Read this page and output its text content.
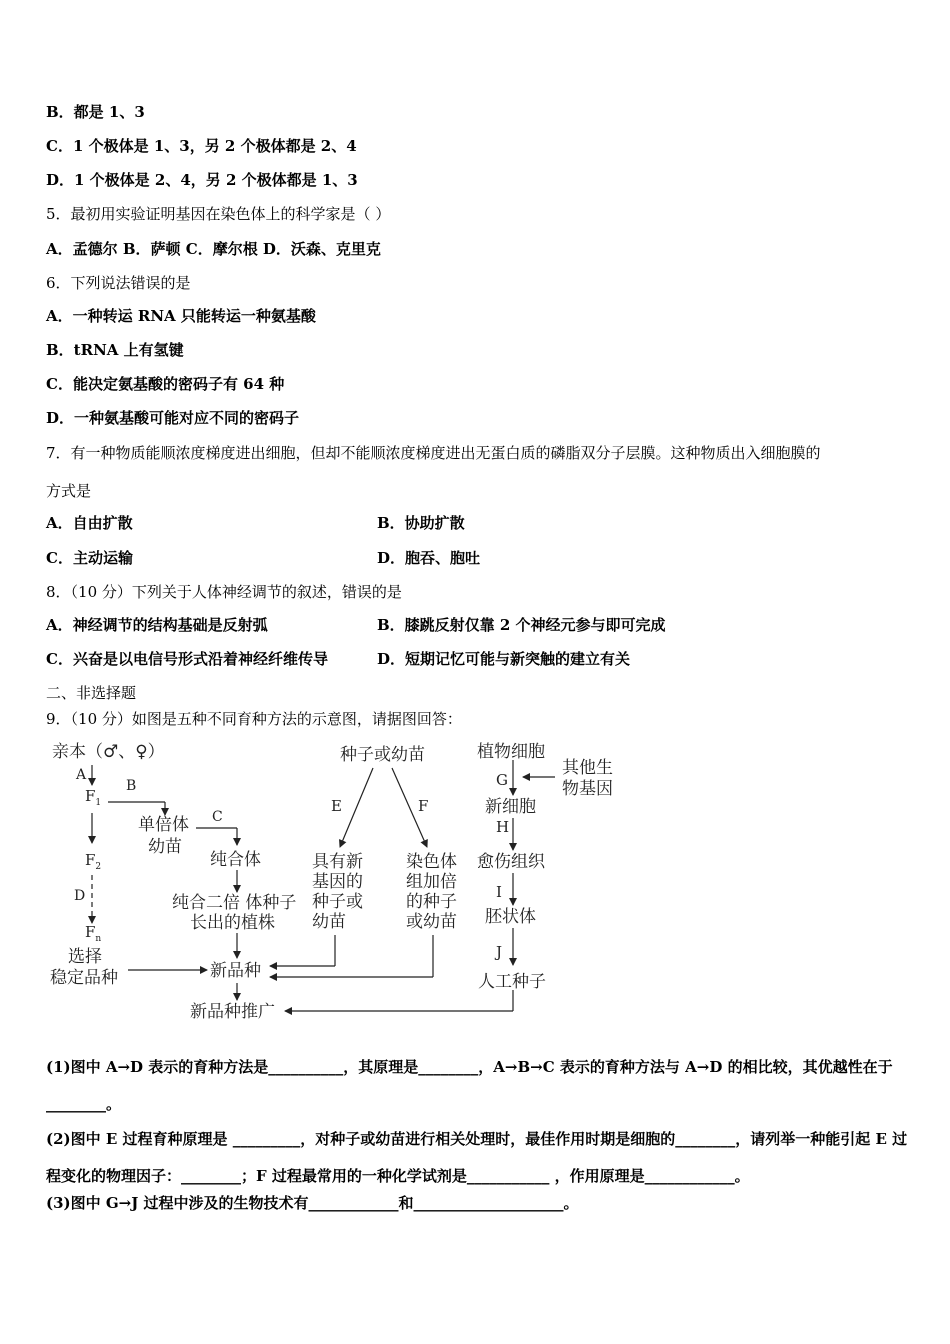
B．都是 1、3
C．1 个极体是 1、3，另 2 个极体都是 2、4
D．1 个极体是 2、4，另 2 个极体都是 1、3
5．最初用实验证明基因在染色体上的科学家是（ ）
A．孟德尔 B．萨顿 C．摩尔根 D．沃森、克里克
6．下列说法错误的是
A．一种转运 RNA 只能转运一种氨基酸
B．tRNA 上有氢键
C．能决定氨基酸的密码子有 64 种
D．一种氨基酸可能对应不同的密码子
7．有一种物质能顺浓度梯度进出细胞，但却不能顺浓度梯度进出无蛋白质的磷脂双分子层膜。这种物质出入细胞膜的
方式是
A．自由扩散	B．协助扩散
C．主动运输	D．胞吞、胞吐
8．（10 分）下列关于人体神经调节的叙述，错误的是
A．神经调节的结构基础是反射弧	B．膝跳反射仅靠 2 个神经元参与即可完成
C．兴奋是以电信号形式沿着神经纤维传导	D．短期记忆可能与新突触的建立有关
二、非选择题
9．（10 分）如图是五种不同育种方法的示意图，请据图回答：
亲本（♂、♀）
A
B
$F_1$
单倍体
幼苗
C
纯合体
$F_2$
D	纯合二倍 体种子
长出的植株
$F_n$
选择
稳定品种	新品种
新品种推广
种子或幼苗
E	F
具有新
基因的
种子或
幼苗
染色体
组加倍
的种子
或幼苗
植物细胞
G
其他生
物基因
新细胞
H
愈伤组织
I
胚状体
J
人工种子
(1)图中 A→D 表示的育种方法是__________，其原理是________，A→B→C 表示的育种方法与 A→D 的相比较，其优越性在于________。
(2)图中 E 过程育种原理是 _________，对种子或幼苗进行相关处理时，最佳作用时期是细胞的________，请列举一种能引起 E 过程变化的物理因子：________；F 过程最常用的一种化学试剂是___________ ，作用原理是____________。
(3)图中 G→J 过程中涉及的生物技术有____________和____________________。
